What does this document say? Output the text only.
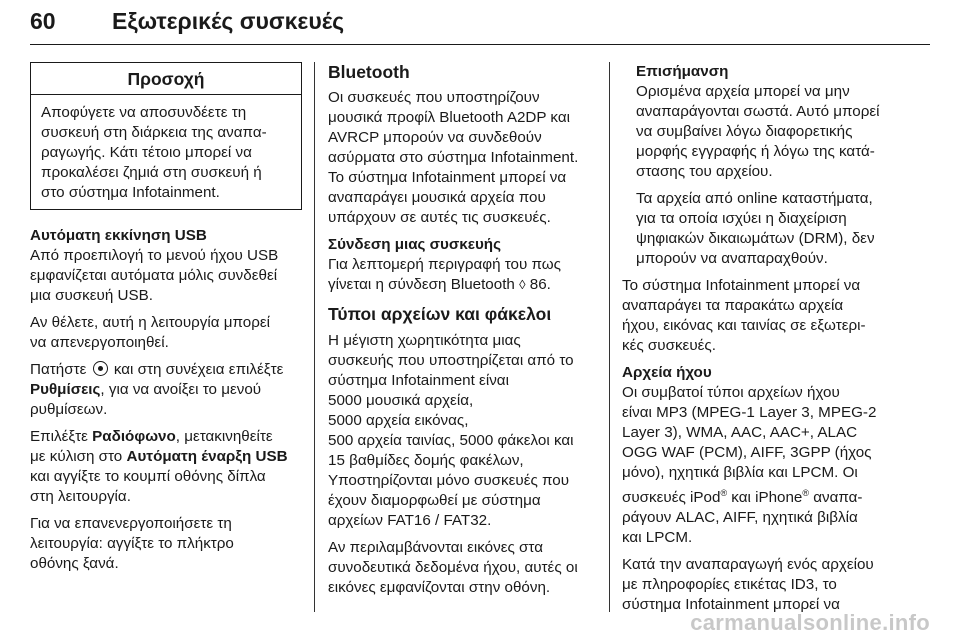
60 Εξωτερικές συσκευές
Προσοχή
Αποφύγετε να αποσυνδέετε τη
συσκευή στη διάρκεια της αναπα-
ραγωγής. Κάτι τέτοιο μπορεί να
προκαλέσει ζημιά στη συσκευή ή
στο σύστημα Infotainment.
Αυτόματη εκκίνηση USB

Από προεπιλογή το μενού ήχου USB
εμφανίζεται αυτόματα μόλις συνδεθεί
μια συσκευή USB.

Αν θέλετε, αυτή η λειτουργία μπορεί
να απενεργοποιηθεί.

Πατήστε και στη συνέχεια επιλέξτε
Ρυθμίσεις, για να ανοίξει το μενού
ρυθμίσεων.

Επιλέξτε Ραδιόφωνο, μετακινηθείτε
με κύλιση στο Αυτόματη έναρξη USB
και αγγίξτε το κουμπί οθόνης δίπλα
στη λειτουργία.

Για να επανενεργοποιήσετε τη
λειτουργία: αγγίξτε το πλήκτρο
οθόνης ξανά.

Bluetooth

Οι συσκευές που υποστηρίζουν
μουσικά προφίλ Bluetooth A2DP και
AVRCP μπορούν να συνδεθούν
ασύρματα στο σύστημα Infotainment.
Το σύστημα Infotainment μπορεί να
αναπαράγει μουσικά αρχεία που
υπάρχουν σε αυτές τις συσκευές.

Σύνδεση μιας συσκευής

Για λεπτομερή περιγραφή του πως
γίνεται η σύνδεση Bluetooth ◊ 86.

Τύποι αρχείων και φάκελοι

Η μέγιστη χωρητικότητα μιας
συσκευής που υποστηρίζεται από το
σύστημα Infotainment είναι
5000 μουσικά αρχεία,
5000 αρχεία εικόνας,
500 αρχεία ταινίας, 5000 φάκελοι και
15 βαθμίδες δομής φακέλων,
Υποστηρίζονται μόνο συσκευές που
έχουν διαμορφωθεί με σύστημα
αρχείων FAT16 / FAT32.

Αν περιλαμβάνονται εικόνες στα
συνοδευτικά δεδομένα ήχου, αυτές οι
εικόνες εμφανίζονται στην οθόνη.

Επισήμανση

Ορισμένα αρχεία μπορεί να μην
αναπαράγονται σωστά. Αυτό μπορεί
να συμβαίνει λόγω διαφορετικής
μορφής εγγραφής ή λόγω της κατά-
στασης του αρχείου.

Τα αρχεία από online καταστήματα,
για τα οποία ισχύει η διαχείριση
ψηφιακών δικαιωμάτων (DRM), δεν
μπορούν να αναπαραχθούν.

Το σύστημα Infotainment μπορεί να
αναπαράγει τα παρακάτω αρχεία
ήχου, εικόνας και ταινίας σε εξωτερι-
κές συσκευές.

Αρχεία ήχου

Οι συμβατοί τύποι αρχείων ήχου
είναι MP3 (MPEG-1 Layer 3, MPEG-2
Layer 3), WMA, AAC, AAC+, ALAC
OGG WAF (PCM), AIFF, 3GPP (ήχος
μόνο), ηχητικά βιβλία και LPCM. Οι
συσκευές iPod® και iPhone® αναπα-
ράγουν ALAC, AIFF, ηχητικά βιβλία
και LPCM.

Κατά την αναπαραγωγή ενός αρχείου
με πληροφορίες ετικέτας ID3, το
σύστημα Infotainment μπορεί να

carmanualsonline.info
